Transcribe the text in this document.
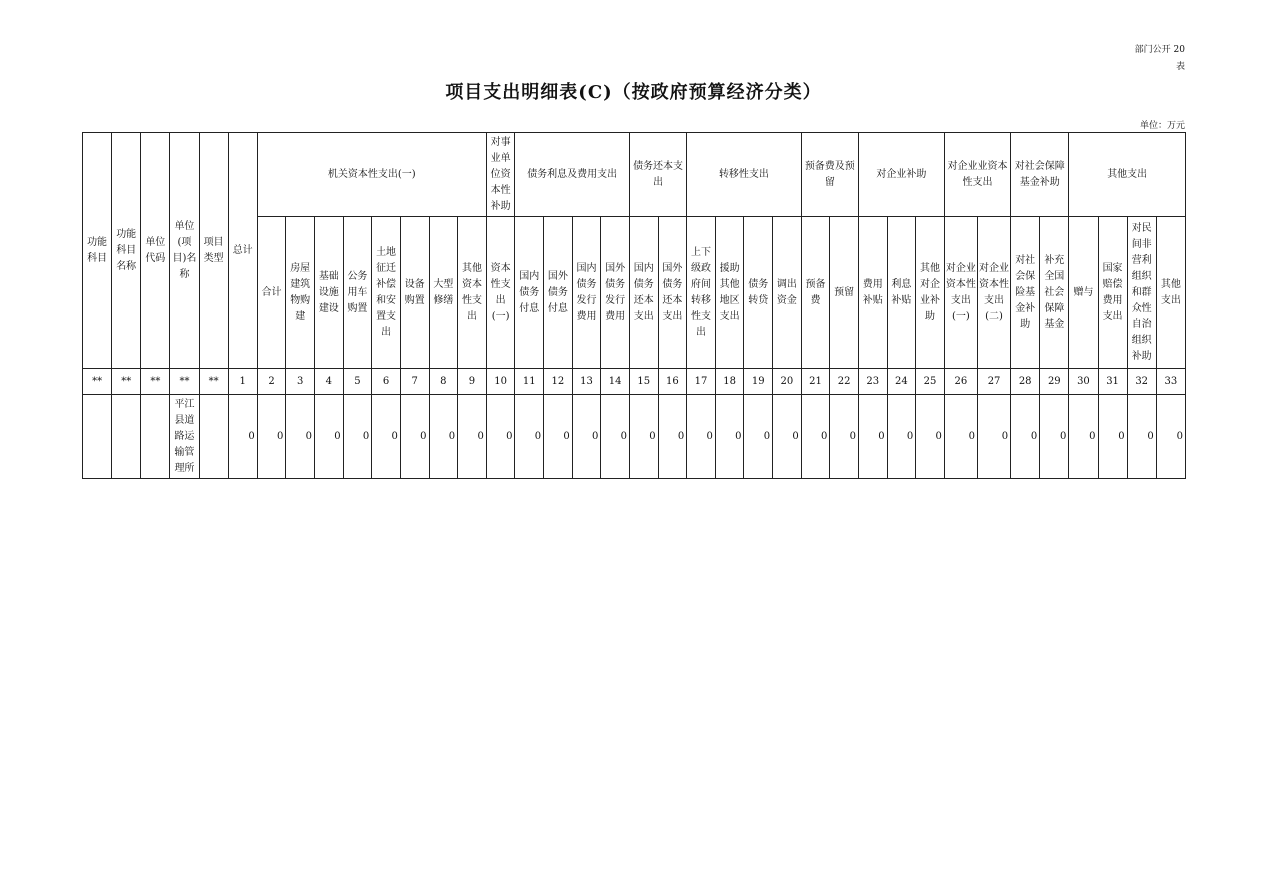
部门公开 20
表
项目支出明细表(C)（按政府预算经济分类）
单位：万元
功能科目	功能科目名称	单位代码	单位(项目)名称	项目类型	总计	机关资本性支出(一)								对事业单位资本性补助	债务利息及费用支出				债务还本支出		转移性支出				预备费及预留		对企业补助			对企业业资本性支出		对社会保障基金补助		其他支出			
						合计	房屋建筑物购建	基础设施建设	公务用车购置	土地征迁补偿和安置支出	设备购置	大型修缮	其他资本性支出	资本性支出(一)	国内债务付息	国外债务付息	国内债务发行费用	国外债务发行费用	国内债务还本支出	国外债务还本支出	上下级政府间转移性支出	援助其他地区支出	债务转贷	调出资金	预备费	预留	费用补贴	利息补贴	其他对企业补助	对企业资本性支出(一)	对企业资本性支出(二)	对社会保险基金补助	补充全国社会保障基金	赠与	国家赔偿费用支出	对民间非营利组织和群众性自治组织补助	其他支出
**	**	**	**	**	1	2	3	4	5	6	7	8	9	10	11	12	13	14	15	16	17	18	19	20	21	22	23	24	25	26	27	28	29	30	31	32	33
			平江县道路运输管理所		0	0	0	0	0	0	0	0	0	0	0	0	0	0	0	0	0	0	0	0	0	0	0	0	0	0	0	0	0	0	0	0	0
